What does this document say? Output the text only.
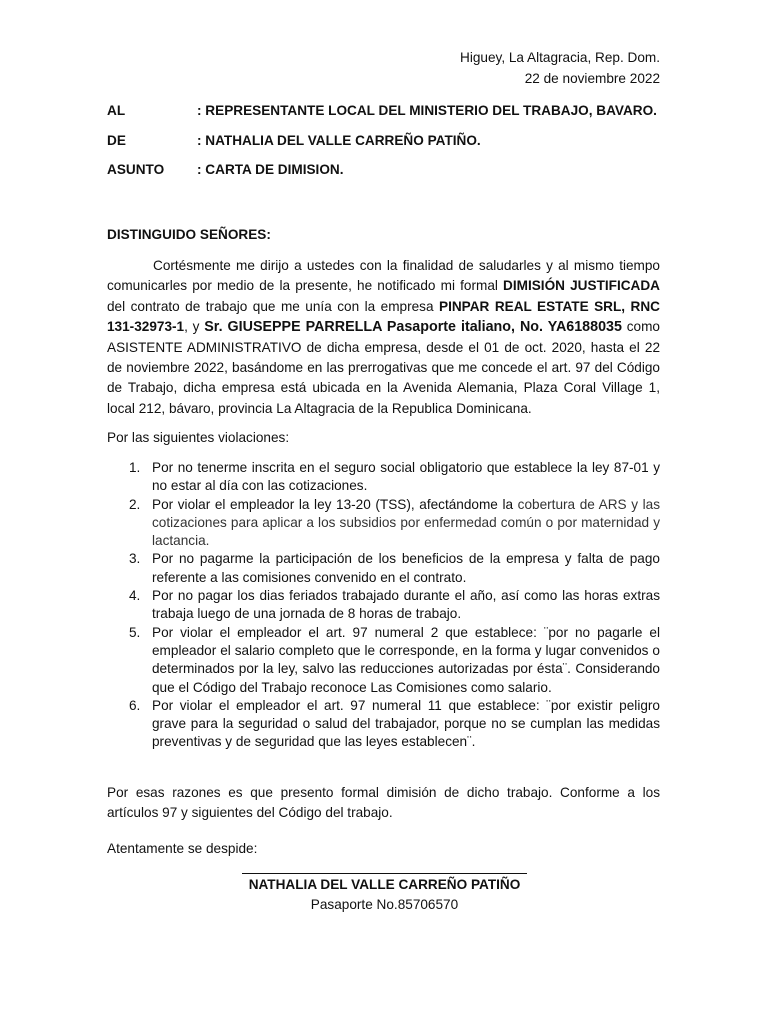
Higuey, La Altagracia, Rep. Dom.
22 de noviembre 2022
AL	: REPRESENTANTE LOCAL DEL MINISTERIO DEL TRABAJO, BAVARO.
DE	: NATHALIA DEL VALLE CARREÑO PATIÑO.
ASUNTO : CARTA DE DIMISION.
DISTINGUIDO SEÑORES:
Cortésmente me dirijo a ustedes con la finalidad de saludarles y al mismo tiempo comunicarles por medio de la presente, he notificado mi formal DIMISIÓN JUSTIFICADA del contrato de trabajo que me unía con la empresa PINPAR REAL ESTATE SRL, RNC 131-32973-1, y Sr. GIUSEPPE PARRELLA Pasaporte italiano, No. YA6188035 como ASISTENTE ADMINISTRATIVO de dicha empresa, desde el 01 de oct. 2020, hasta el 22 de noviembre 2022, basándome en las prerrogativas que me concede el art. 97 del Código de Trabajo, dicha empresa está ubicada en la Avenida Alemania, Plaza Coral Village 1, local 212, bávaro, provincia La Altagracia de la Republica Dominicana.
Por las siguientes violaciones:
1. Por no tenerme inscrita en el seguro social obligatorio que establece la ley 87-01 y no estar al día con las cotizaciones.
2. Por violar el empleador la ley 13-20 (TSS), afectándome la cobertura de ARS y las cotizaciones para aplicar a los subsidios por enfermedad común o por maternidad y lactancia.
3. Por no pagarme la participación de los beneficios de la empresa y falta de pago referente a las comisiones convenido en el contrato.
4. Por no pagar los dias feriados trabajado durante el año, así como las horas extras trabaja luego de una jornada de 8 horas de trabajo.
5. Por violar el empleador el art. 97 numeral 2 que establece: ¨por no pagarle el empleador el salario completo que le corresponde, en la forma y lugar convenidos o determinados por la ley, salvo las reducciones autorizadas por ésta¨. Considerando que el Código del Trabajo reconoce Las Comisiones como salario.
6. Por violar el empleador el art. 97 numeral 11 que establece: ¨por existir peligro grave para la seguridad o salud del trabajador, porque no se cumplan las medidas preventivas y de seguridad que las leyes establecen¨.
Por esas razones es que presento formal dimisión de dicho trabajo. Conforme a los artículos 97 y siguientes del Código del trabajo.
Atentamente se despide:
NATHALIA DEL VALLE CARREÑO PATIÑO
Pasaporte No.85706570
